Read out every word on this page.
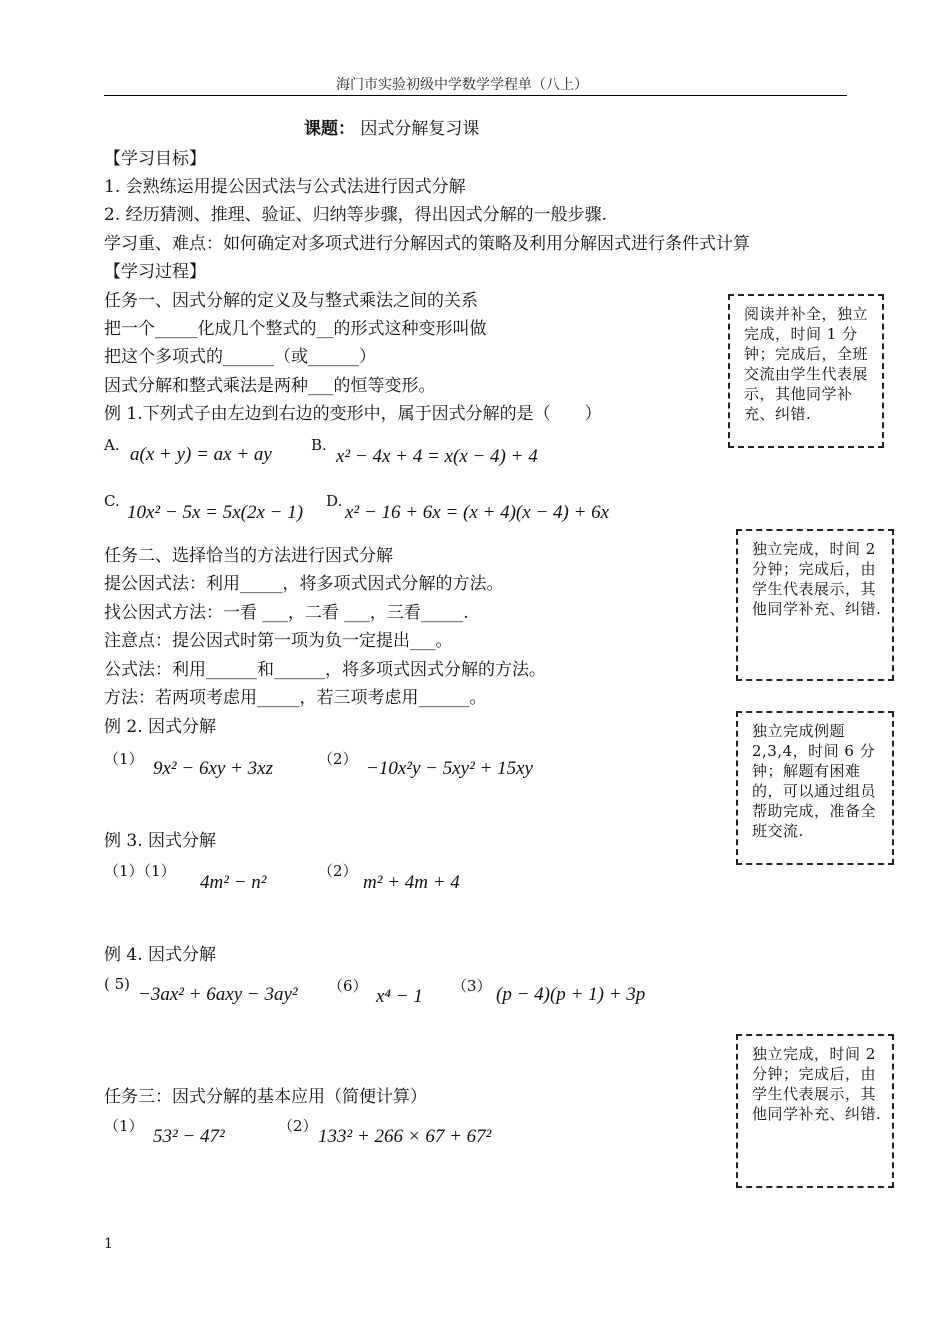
海门市实验初级中学数学学程单（八上）
课题： 因式分解复习课
【学习目标】
1. 会熟练运用提公因式法与公式法进行因式分解
2. 经历猜测、推理、验证、归纳等步骤，得出因式分解的一般步骤.
学习重、难点：如何确定对多项式进行分解因式的策略及利用分解因式进行条件式计算
【学习过程】
任务一、因式分解的定义及与整式乘法之间的关系
把一个_____化成几个整式的__的形式这种变形叫做
把这个多项式的______（或______）
因式分解和整式乘法是两种___的恒等变形。
例 1.下列式子由左边到右边的变形中，属于因式分解的是（　　）
A. a(x + y) = ax + ay	B.
x² − 4x + 4 = x(x − 4) + 4
C.
10x² − 5x = 5x(2x − 1)
D.
x² − 16 + 6x = (x + 4)(x − 4) + 6x
任务二、选择恰当的方法进行因式分解
提公因式法：利用_____，将多项式因式分解的方法。
找公因式方法：一看 ___，二看 ___，三看_____.
注意点：提公因式时第一项为负一定提出___。
公式法：利用______和______，将多项式因式分解的方法。
方法：若两项考虑用_____，若三项考虑用______。
例 2. 因式分解
（1） 9x² − 6xy + 3xz	（2） −10x²y − 5xy² + 15xy
例 3. 因式分解
（1）（1）
4m² − n²
（2）
m² + 4m + 4
例 4. 因式分解
( 5) −3ax² + 6axy − 3ay² （6） x⁴ − 1 （3） (p − 4)(p + 1) + 3p
任务三：因式分解的基本应用（简便计算）
（1） 53² − 47²	（2） 133² + 266 × 67 + 67²
阅读并补全，独立完成，时间 1 分钟；完成后，全班交流由学生代表展示，其他同学补充、纠错.
独立完成，时间 2 分钟；完成后，由学生代表展示，其他同学补充、纠错.
独立完成例题 2,3,4，时间 6 分钟；解题有困难的，可以通过组员帮助完成，准备全班交流.
独立完成，时间 2 分钟；完成后，由学生代表展示，其他同学补充、纠错.
1
